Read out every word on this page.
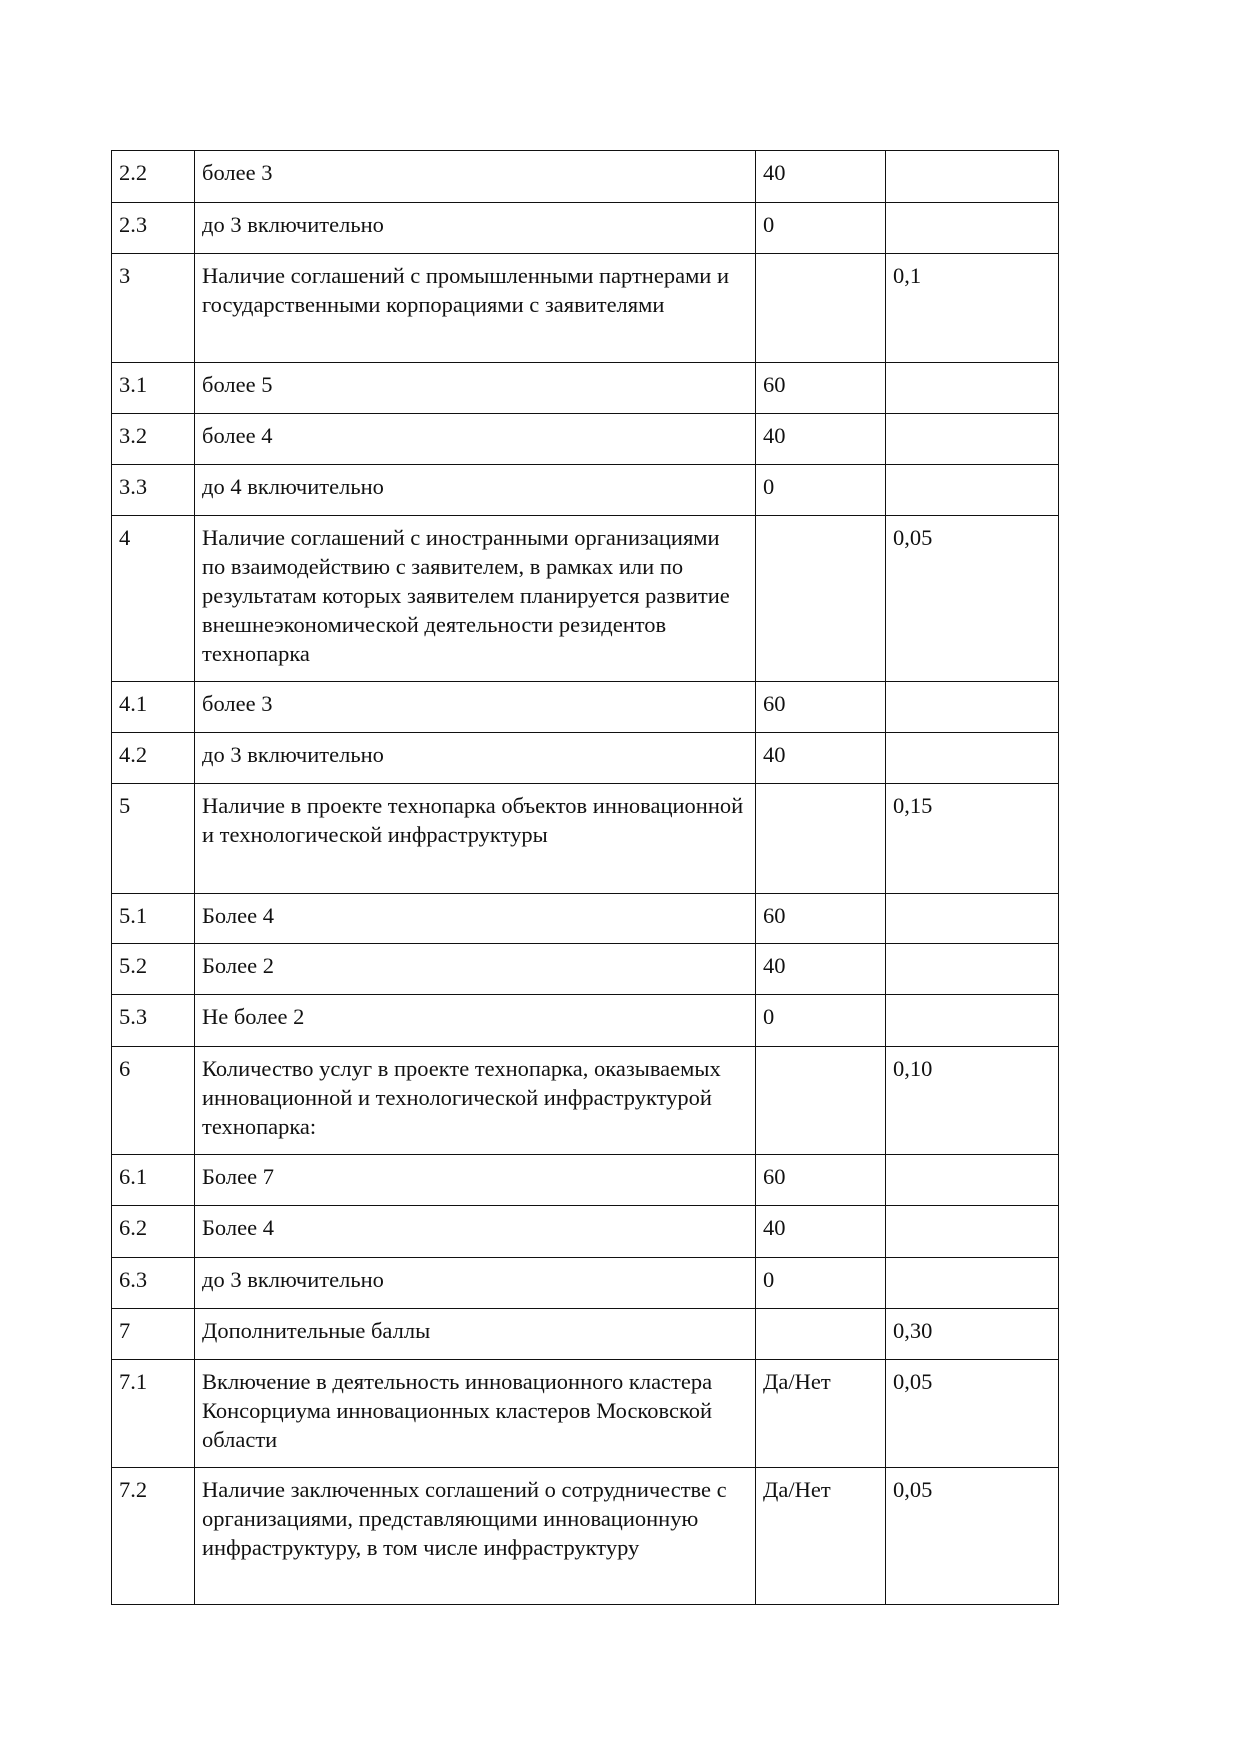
2.2	более 3	40	
2.3	до 3 включительно	0	
3	Наличие соглашений с промышленными партнерами и государственными корпорациями с заявителями		0,1
3.1	более 5	60	
3.2	более 4	40	
3.3	до 4 включительно	0	
4	Наличие соглашений с иностранными организациями по взаимодействию с заявителем, в рамках или по результатам которых заявителем планируется развитие внешнеэкономической деятельности резидентов технопарка		0,05
4.1	более 3	60	
4.2	до 3 включительно	40	
5	Наличие в проекте технопарка объектов инновационной и технологической инфраструктуры		0,15
5.1	Более 4	60	
5.2	Более 2	40	
5.3	Не более 2	0	
6	Количество услуг в проекте технопарка, оказываемых инновационной и технологической инфраструктурой технопарка:		0,10
6.1	Более 7	60	
6.2	Более 4	40	
6.3	до 3 включительно	0	
7	Дополнительные баллы		0,30
7.1	Включение в деятельность инновационного кластера Консорциума инновационных кластеров Московской области	Да/Нет	0,05
7.2	Наличие заключенных соглашений о сотрудничестве с организациями, представляющими инновационную инфраструктуру, в том числе инфраструктуру	Да/Нет	0,05
